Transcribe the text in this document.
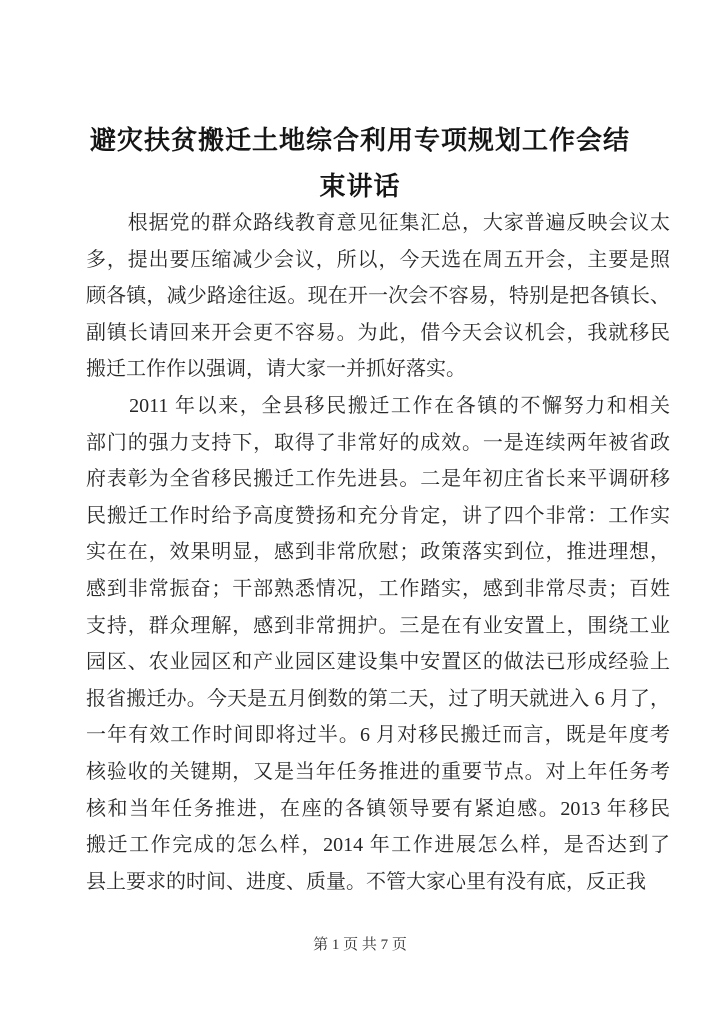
避灾扶贫搬迁土地综合利用专项规划工作会结
束讲话
　　根据党的群众路线教育意见征集汇总，大家普遍反映会议太
多，提出要压缩减少会议，所以，今天选在周五开会，主要是照
顾各镇，减少路途往返。现在开一次会不容易，特别是把各镇长、
副镇长请回来开会更不容易。为此，借今天会议机会，我就移民
搬迁工作作以强调，请大家一并抓好落实。
　　2011 年以来，全县移民搬迁工作在各镇的不懈努力和相关
部门的强力支持下，取得了非常好的成效。一是连续两年被省政
府表彰为全省移民搬迁工作先进县。二是年初庄省长来平调研移
民搬迁工作时给予高度赞扬和充分肯定，讲了四个非常：工作实
实在在，效果明显，感到非常欣慰；政策落实到位，推进理想，
感到非常振奋；干部熟悉情况，工作踏实，感到非常尽责；百姓
支持，群众理解，感到非常拥护。三是在有业安置上，围绕工业
园区、农业园区和产业园区建设集中安置区的做法已形成经验上
报省搬迁办。今天是五月倒数的第二天，过了明天就进入 6 月了，
一年有效工作时间即将过半。6 月对移民搬迁而言，既是年度考
核验收的关键期，又是当年任务推进的重要节点。对上年任务考
核和当年任务推进，在座的各镇领导要有紧迫感。2013 年移民
搬迁工作完成的怎么样，2014 年工作进展怎么样，是否达到了
县上要求的时间、进度、质量。不管大家心里有没有底，反正我
第 1 页 共 7 页
